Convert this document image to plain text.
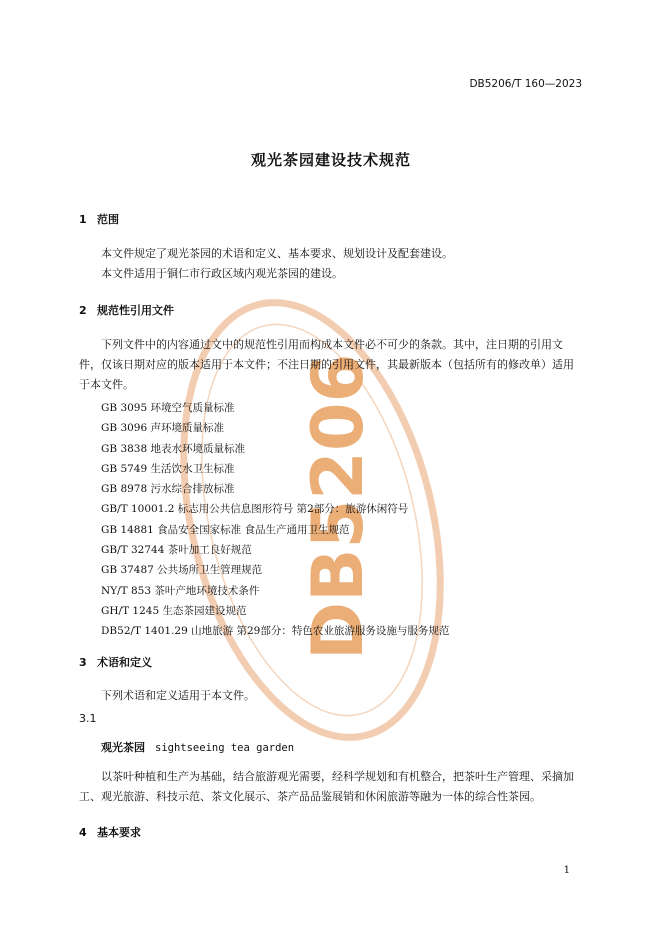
DB5206
DB5206/T 160—2023
观光茶园建设技术规范
1 范围
本文件规定了观光茶园的术语和定义、基本要求、规划设计及配套建设。
本文件适用于铜仁市行政区域内观光茶园的建设。
2 规范性引用文件
下列文件中的内容通过文中的规范性引用而构成本文件必不可少的条款。其中，注日期的引用文件，仅该日期对应的版本适用于本文件；不注日期的引用文件，其最新版本（包括所有的修改单）适用于本文件。
GB 3095 环境空气质量标准
GB 3096 声环境质量标准
GB 3838 地表水环境质量标准
GB 5749 生活饮水卫生标准
GB 8978 污水综合排放标准
GB/T 10001.2 标志用公共信息图形符号 第2部分：旅游休闲符号
GB 14881 食品安全国家标准 食品生产通用卫生规范
GB/T 32744 茶叶加工良好规范
GB 37487 公共场所卫生管理规范
NY/T 853 茶叶产地环境技术条件
GH/T 1245 生态茶园建设规范
DB52/T 1401.29 山地旅游 第29部分：特色农业旅游服务设施与服务规范
3 术语和定义
下列术语和定义适用于本文件。
3.1
观光茶园 sightseeing tea garden
以茶叶种植和生产为基础，结合旅游观光需要，经科学规划和有机整合，把茶叶生产管理、采摘加工、观光旅游、科技示范、茶文化展示、茶产品品鉴展销和休闲旅游等融为一体的综合性茶园。
4 基本要求
1
